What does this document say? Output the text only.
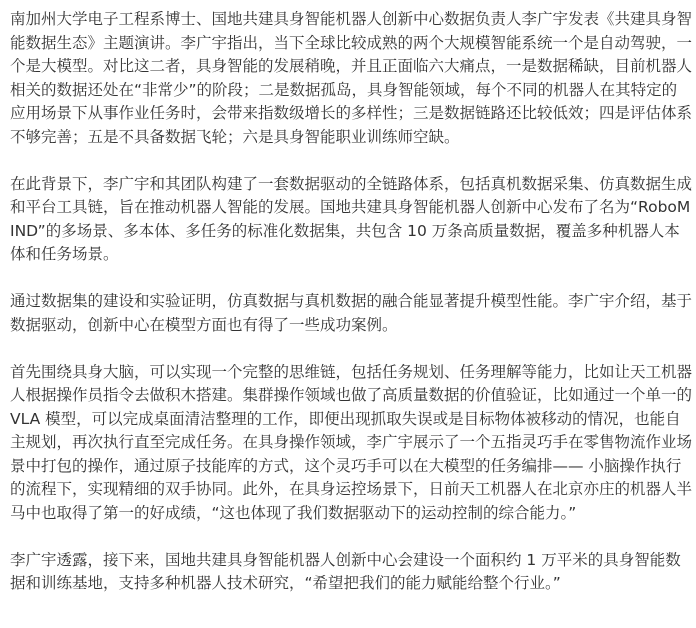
南加州大学电子工程系博士、国地共建具身智能机器人创新中心数据负责人李广宇发表《共建具身智能数据生态》主题演讲。李广宇指出，当下全球比较成熟的两个大规模智能系统一个是自动驾驶，一个是大模型。对比这二者，具身智能的发展稍晚，并且正面临六大痛点，一是数据稀缺，目前机器人相关的数据还处在“非常少”的阶段；二是数据孤岛，具身智能领域，每个不同的机器人在其特定的应用场景下从事作业任务时，会带来指数级增长的多样性；三是数据链路还比较低效；四是评估体系不够完善；五是不具备数据飞轮；六是具身智能职业训练师空缺。

在此背景下，李广宇和其团队构建了一套数据驱动的全链路体系，包括真机数据采集、仿真数据生成和平台工具链，旨在推动机器人智能的发展。国地共建具身智能机器人创新中心发布了名为“RoboMIND”的多场景、多本体、多任务的标准化数据集，共包含 10 万条高质量数据，覆盖多种机器人本体和任务场景。

通过数据集的建设和实验证明，仿真数据与真机数据的融合能显著提升模型性能。李广宇介绍，基于数据驱动，创新中心在模型方面也有得了一些成功案例。

首先围绕具身大脑，可以实现一个完整的思维链，包括任务规划、任务理解等能力，比如让天工机器人根据操作员指令去做积木搭建。集群操作领域也做了高质量数据的价值验证，比如通过一个单一的 VLA 模型，可以完成桌面清洁整理的工作，即便出现抓取失误或是目标物体被移动的情况，也能自主规划，再次执行直至完成任务。在具身操作领域，李广宇展示了一个五指灵巧手在零售物流作业场景中打包的操作，通过原子技能库的方式，这个灵巧手可以在大模型的任务编排—— 小脑操作执行的流程下，实现精细的双手协同。此外，在具身运控场景下，日前天工机器人在北京亦庄的机器人半马中也取得了第一的好成绩，“这也体现了我们数据驱动下的运动控制的综合能力。”

李广宇透露，接下来，国地共建具身智能机器人创新中心会建设一个面积约 1 万平米的具身智能数据和训练基地，支持多种机器人技术研究，“希望把我们的能力赋能给整个行业。”
